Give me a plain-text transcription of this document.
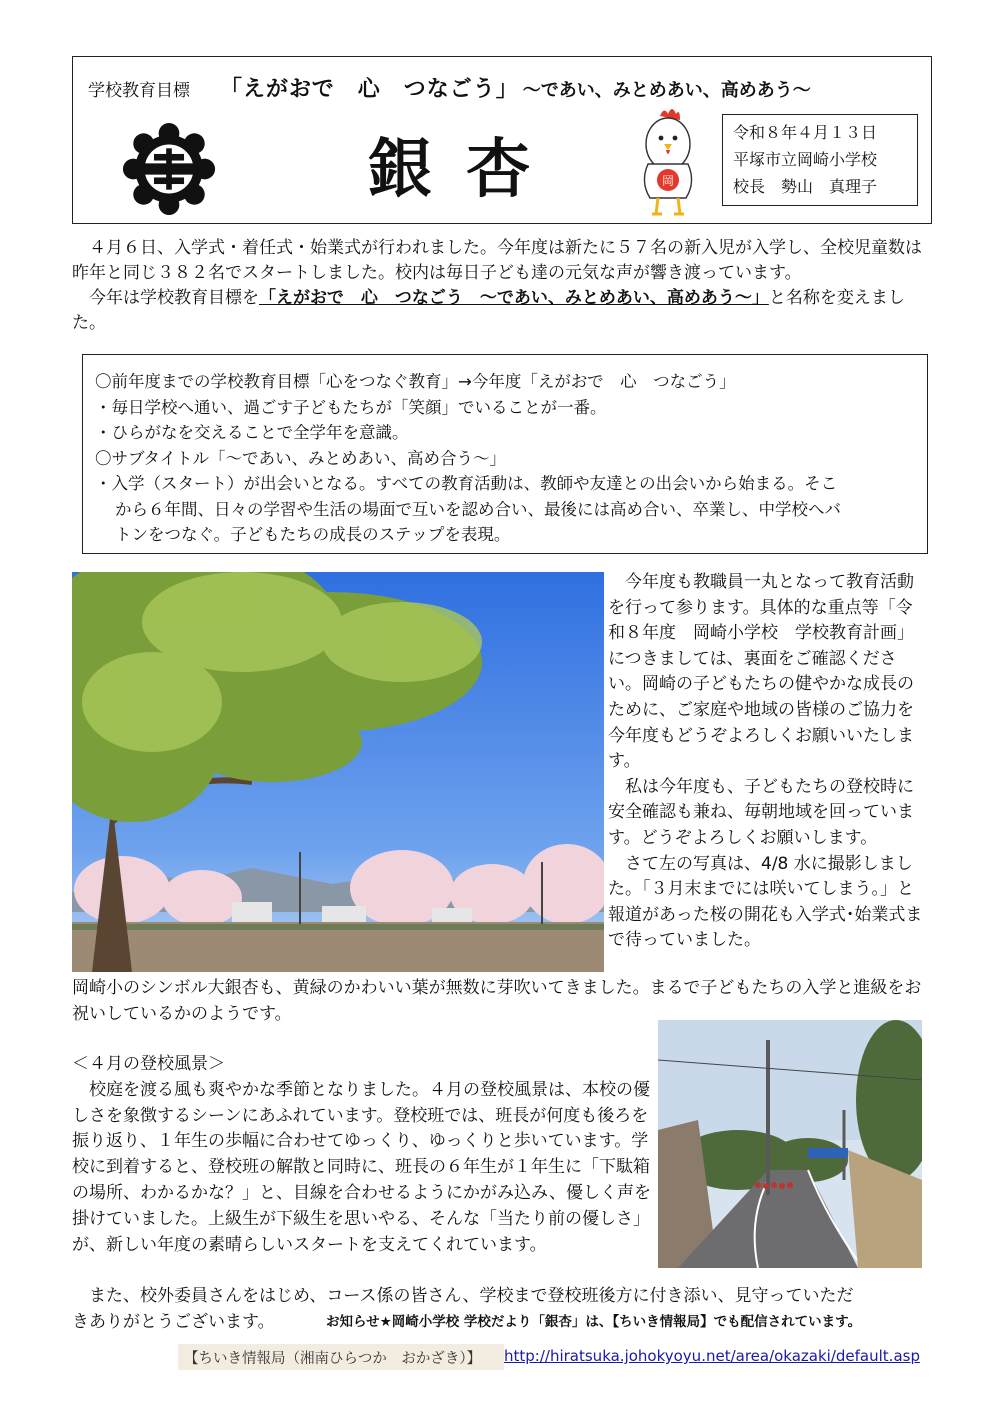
学校教育目標 「えがおで　心　つなごう」 ～であい、みとめあい、高めあう～
銀杏	岡
令和８年４月１３日
平塚市立岡崎小学校
校長　勢山　真理子

４月６日、入学式・着任式・始業式が行われました。今年度は新たに５７名の新入児が入学し、全校児童数は昨年と同じ３８２名でスタートしました。校内は毎日子ども達の元気な声が響き渡っています。

今年は学校教育目標を「えがおで　心　つなごう　～であい、みとめあい、高めあう～」と名称を変えました。

〇前年度までの学校教育目標「心をつなぐ教育」→今年度「えがおで　心　つなごう」
・毎日学校へ通い、過ごす子どもたちが「笑顔」でいることが一番。
・ひらがなを交えることで全学年を意識。
〇サブタイトル「～であい、みとめあい、高め合う～」
・入学（スタート）が出会いとなる。すべての教育活動は、教師や友達との出会いから始まる。そこ
から６年間、日々の学習や生活の場面で互いを認め合い、最後には高め合い、卒業し、中学校へバ
トンをつなぐ。子どもたちの成長のステップを表現。

今年度も教職員一丸となって教育活動を行って参ります。具体的な重点等「令和８年度　岡崎小学校　学校教育計画」につきましては、裏面をご確認ください。岡崎の子どもたちの健やかな成長のために、ご家庭や地域の皆様のご協力を今年度もどうぞよろしくお願いいたします。

私は今年度も、子どもたちの登校時に安全確認も兼ね、毎朝地域を回っています。どうぞよろしくお願いします。

さて左の写真は、4/8 水に撮影しました。「３月末までには咲いてしまう。」と報道があった桜の開花も入学式･始業式まで待っていました。

岡崎小のシンボル大銀杏も、黄緑のかわいい葉が無数に芽吹いてきました。まるで子どもたちの入学と進級をお祝いしているかのようです。

＜４月の登校風景＞

校庭を渡る風も爽やかな季節となりました。４月の登校風景は、本校の優しさを象徴するシーンにあふれています。登校班では、班長が何度も後ろを振り返り、１年生の歩幅に合わせてゆっくり、ゆっくりと歩いています。学校に到着すると、登校班の解散と同時に、班長の６年生が１年生に「下駄箱の場所、わかるかな？」と、目線を合わせるようにかがみ込み、優しく声を掛けていました。上級生が下級生を思いやる、そんな「当たり前の優しさ」が、新しい年度の素晴らしいスタートを支えてくれています。

また、校外委員さんをはじめ、コース係の皆さん、学校まで登校班後方に付き添い、見守っていただ
きありがとうございます。	お知らせ★岡崎小学校 学校だより「銀杏」は、【ちいき情報局】でも配信されています。
【ちいき情報局（湘南ひらつか　おかざき）】 http://hiratsuka.johokyoyu.net/area/okazaki/default.asp
